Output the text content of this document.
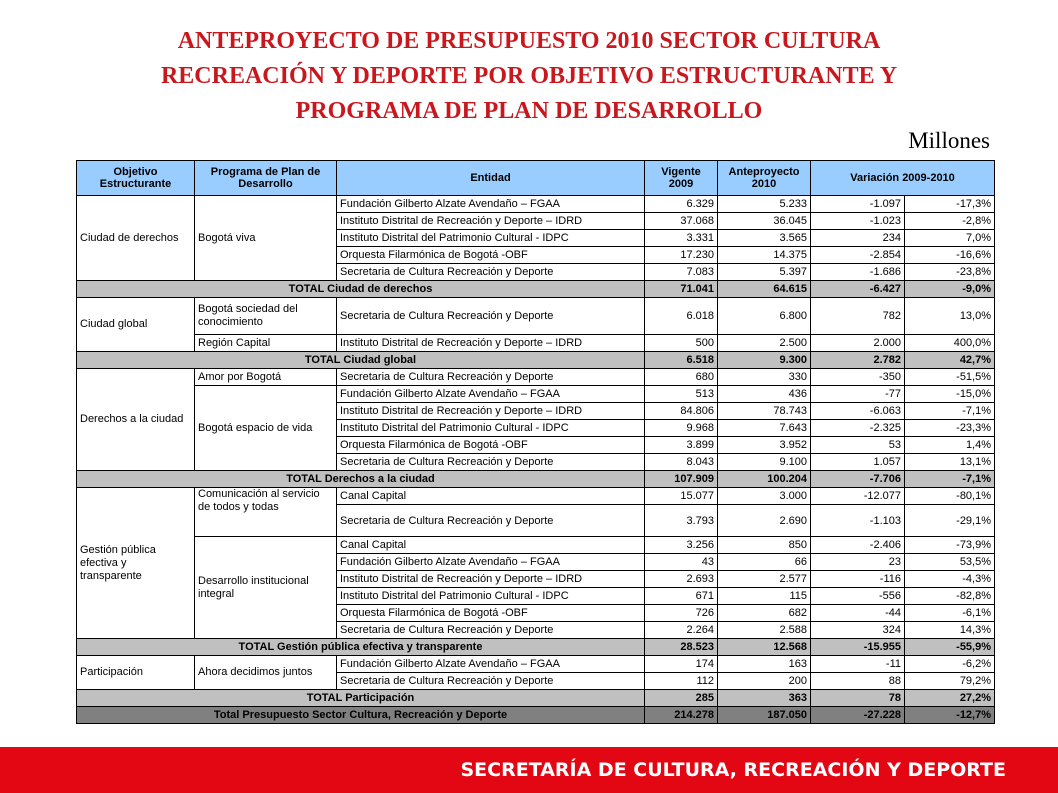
ANTEPROYECTO DE PRESUPUESTO 2010 SECTOR CULTURA
RECREACIÓN Y DEPORTE POR OBJETIVO ESTRUCTURANTE Y
PROGRAMA DE PLAN DE DESARROLLO
Millones
Objetivo Estructurante	Programa de Plan de Desarrollo	Entidad	Vigente 2009	Anteproyecto 2010	Variación 2009-2010	
Ciudad de derechos	Bogotá viva	Fundación Gilberto Alzate Avendaño – FGAA	6.329	5.233	-1.097	-17,3%
		Instituto Distrital de Recreación y Deporte – IDRD	37.068	36.045	-1.023	-2,8%
		Instituto Distrital del Patrimonio Cultural - IDPC	3.331	3.565	234	7,0%
		Orquesta Filarmónica de Bogotá -OBF	17.230	14.375	-2.854	-16,6%
		Secretaria de Cultura Recreación y Deporte	7.083	5.397	-1.686	-23,8%
TOTAL Ciudad de derechos			71.041	64.615	-6.427	-9,0%
Ciudad global	Bogotá sociedad del conocimiento	Secretaria de Cultura Recreación y Deporte	6.018	6.800	782	13,0%
	Región Capital	Instituto Distrital de Recreación y Deporte – IDRD	500	2.500	2.000	400,0%
TOTAL Ciudad global			6.518	9.300	2.782	42,7%
Derechos a la ciudad	Amor por Bogotá	Secretaria de Cultura Recreación y Deporte	680	330	-350	-51,5%
	Bogotá espacio de vida	Fundación Gilberto Alzate Avendaño – FGAA	513	436	-77	-15,0%
		Instituto Distrital de Recreación y Deporte – IDRD	84.806	78.743	-6.063	-7,1%
		Instituto Distrital del Patrimonio Cultural - IDPC	9.968	7.643	-2.325	-23,3%
		Orquesta Filarmónica de Bogotá -OBF	3.899	3.952	53	1,4%
		Secretaria de Cultura Recreación y Deporte	8.043	9.100	1.057	13,1%
TOTAL Derechos a la ciudad			107.909	100.204	-7.706	-7,1%
Gestión pública efectiva y transparente	Comunicación al servicio de todos y todas	Canal Capital	15.077	3.000	-12.077	-80,1%
		Secretaria de Cultura Recreación y Deporte	3.793	2.690	-1.103	-29,1%
	Desarrollo institucional integral	Canal Capital	3.256	850	-2.406	-73,9%
		Fundación Gilberto Alzate Avendaño – FGAA	43	66	23	53,5%
		Instituto Distrital de Recreación y Deporte – IDRD	2.693	2.577	-116	-4,3%
		Instituto Distrital del Patrimonio Cultural - IDPC	671	115	-556	-82,8%
		Orquesta Filarmónica de Bogotá -OBF	726	682	-44	-6,1%
		Secretaria de Cultura Recreación y Deporte	2.264	2.588	324	14,3%
TOTAL Gestión pública efectiva y transparente			28.523	12.568	-15.955	-55,9%
Participación	Ahora decidimos juntos	Fundación Gilberto Alzate Avendaño – FGAA	174	163	-11	-6,2%
		Secretaria de Cultura Recreación y Deporte	112	200	88	79,2%
TOTAL Participación			285	363	78	27,2%
Total Presupuesto Sector Cultura, Recreación y Deporte			214.278	187.050	-27.228	-12,7%
SECRETARÍA DE CULTURA, RECREACIÓN Y DEPORTE
